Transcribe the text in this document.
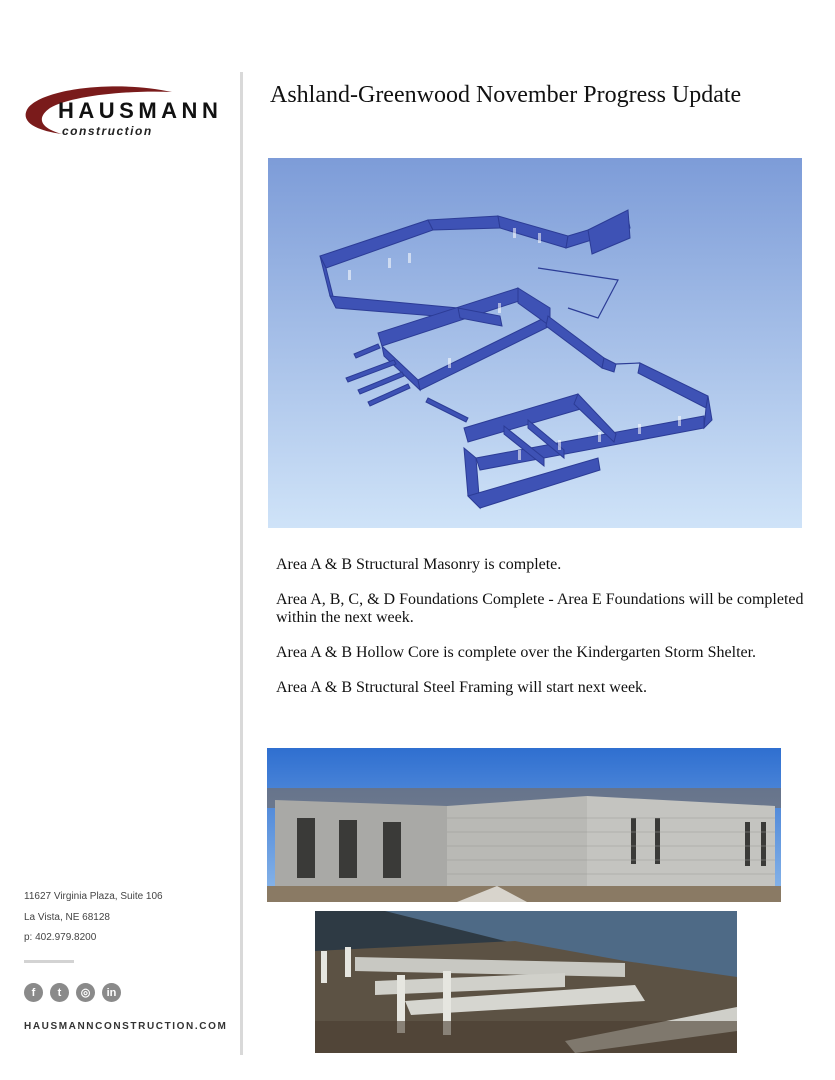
HAUSMANN
construction
Ashland-Greenwood November Progress Update

Area A & B Structural Masonry is complete.

Area A, B, C, & D Foundations Complete - Area E Foundations will be completed within the next week.

Area A & B Hollow Core is complete over the Kindergarten Storm Shelter.

Area A & B Structural Steel Framing will start next week.

11627 Virginia Plaza, Suite 106
La Vista, NE 68128
p: 402.979.8200
f	t	◎	in
HAUSMANNCONSTRUCTION.COM
